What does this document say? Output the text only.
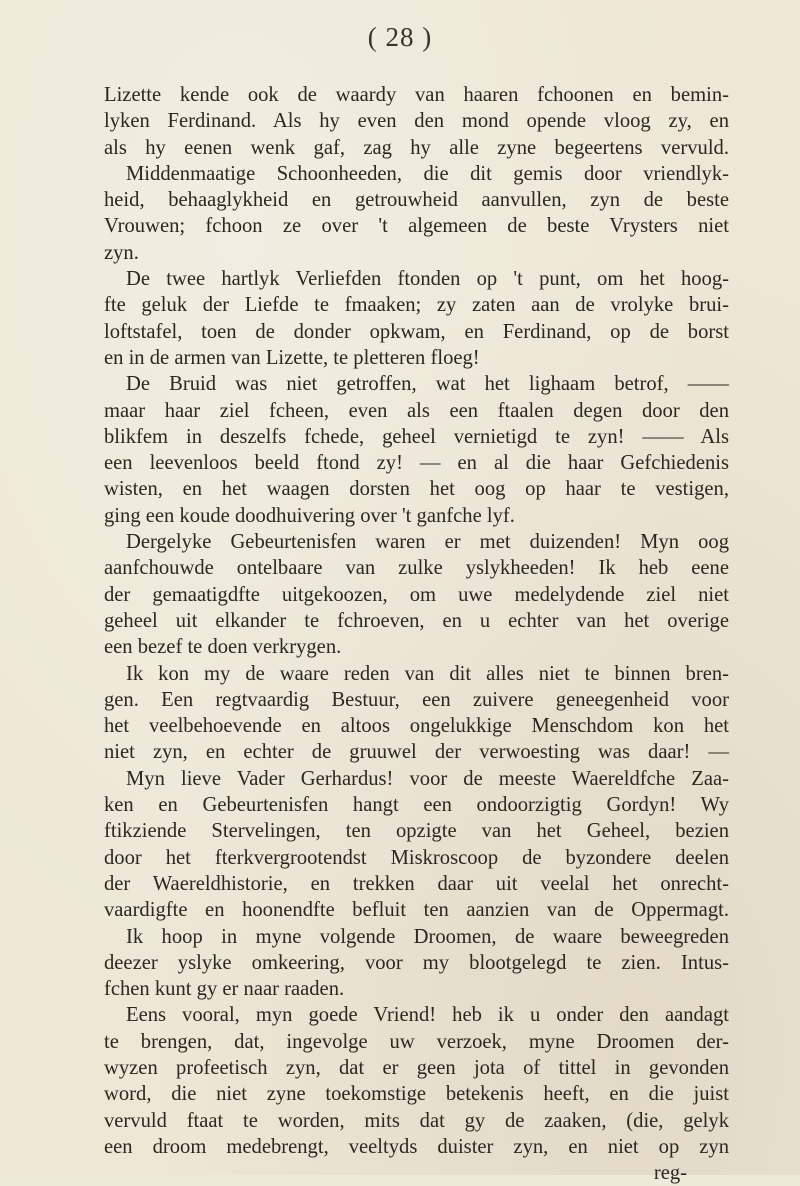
( 28 )
Lizette kende ook de waardy van haaren fchoonen en bemin-
lyken Ferdinand. Als hy even den mond opende vloog zy, en
als hy eenen wenk gaf, zag hy alle zyne begeertens vervuld.
Middenmaatige Schoonheeden, die dit gemis door vriendlyk-
heid, behaaglykheid en getrouwheid aanvullen, zyn de beste
Vrouwen; fchoon ze over 't algemeen de beste Vrysters niet
zyn.
De twee hartlyk Verliefden ftonden op 't punt, om het hoog-
fte geluk der Liefde te fmaaken; zy zaten aan de vrolyke brui-
loftstafel, toen de donder opkwam, en Ferdinand, op de borst
en in de armen van Lizette, te pletteren floeg!
De Bruid was niet getroffen, wat het lighaam betrof, ——
maar haar ziel fcheen, even als een ftaalen degen door den
blikfem in deszelfs fchede, geheel vernietigd te zyn! —— Als
een leevenloos beeld ftond zy! — en al die haar Gefchiedenis
wisten, en het waagen dorsten het oog op haar te vestigen,
ging een koude doodhuivering over 't ganfche lyf.
Dergelyke Gebeurtenisfen waren er met duizenden! Myn oog
aanfchouwde ontelbaare van zulke yslykheeden! Ik heb eene
der gemaatigdfte uitgekoozen, om uwe medelydende ziel niet
geheel uit elkander te fchroeven, en u echter van het overige
een bezef te doen verkrygen.
Ik kon my de waare reden van dit alles niet te binnen bren-
gen. Een regtvaardig Bestuur, een zuivere geneegenheid voor
het veelbehoevende en altoos ongelukkige Menschdom kon het
niet zyn, en echter de gruuwel der verwoesting was daar! —
Myn lieve Vader Gerhardus! voor de meeste Waereldfche Zaa-
ken en Gebeurtenisfen hangt een ondoorzigtig Gordyn! Wy
ftikziende Stervelingen, ten opzigte van het Geheel, bezien
door het fterkvergrootendst Miskroscoop de byzondere deelen
der Waereldhistorie, en trekken daar uit veelal het onrecht-
vaardigfte en hoonendfte befluit ten aanzien van de Oppermagt.
Ik hoop in myne volgende Droomen, de waare beweegreden
deezer yslyke omkeering, voor my blootgelegd te zien. Intus-
fchen kunt gy er naar raaden.
Eens vooral, myn goede Vriend! heb ik u onder den aandagt
te brengen, dat, ingevolge uw verzoek, myne Droomen der-
wyzen profeetisch zyn, dat er geen jota of tittel in gevonden
word, die niet zyne toekomstige betekenis heeft, en die juist
vervuld ftaat te worden, mits dat gy de zaaken, (die, gelyk
een droom medebrengt, veeltyds duister zyn, en niet op zyn
reg-
